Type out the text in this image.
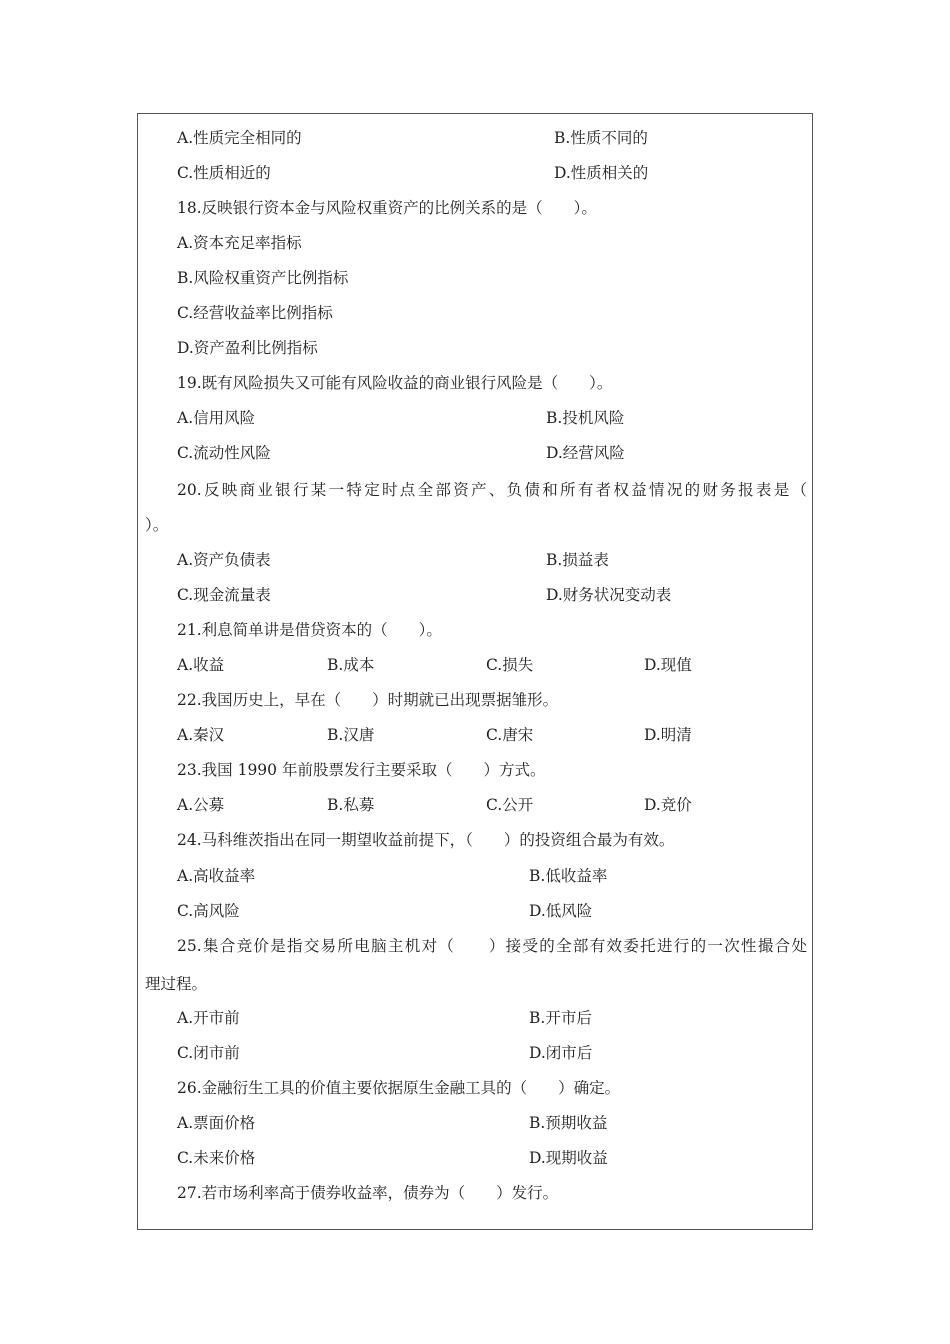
A.性质完全相同的	B.性质不同的
C.性质相近的	D.性质相关的
18.反映银行资本金与风险权重资产的比例关系的是（　　）。
A.资本充足率指标
B.风险权重资产比例指标
C.经营收益率比例指标
D.资产盈利比例指标
19.既有风险损失又可能有风险收益的商业银行风险是（　　）。
A.信用风险	B.投机风险
C.流动性风险	D.经营风险
20.反映商业银行某一特定时点全部资产、负债和所有者权益情况的财务报表是（
）。
A.资产负债表	B.损益表
C.现金流量表	D.财务状况变动表
21.利息简单讲是借贷资本的（　　）。
A.收益	B.成本	C.损失	D.现值
22.我国历史上，早在（　　）时期就已出现票据雏形。
A.秦汉	B.汉唐	C.唐宋	D.明清
23.我国 1990 年前股票发行主要采取（　　）方式。
A.公募	B.私募	C.公开	D.竞价
24.马科维茨指出在同一期望收益前提下，（　　）的投资组合最为有效。
A.高收益率	B.低收益率
C.高风险	D.低风险
25.集合竞价是指交易所电脑主机对（　　）接受的全部有效委托进行的一次性撮合处
理过程。
A.开市前	B.开市后
C.闭市前	D.闭市后
26.金融衍生工具的价值主要依据原生金融工具的（　　）确定。
A.票面价格	B.预期收益
C.未来价格	D.现期收益
27.若市场利率高于债券收益率，债券为（　　）发行。
